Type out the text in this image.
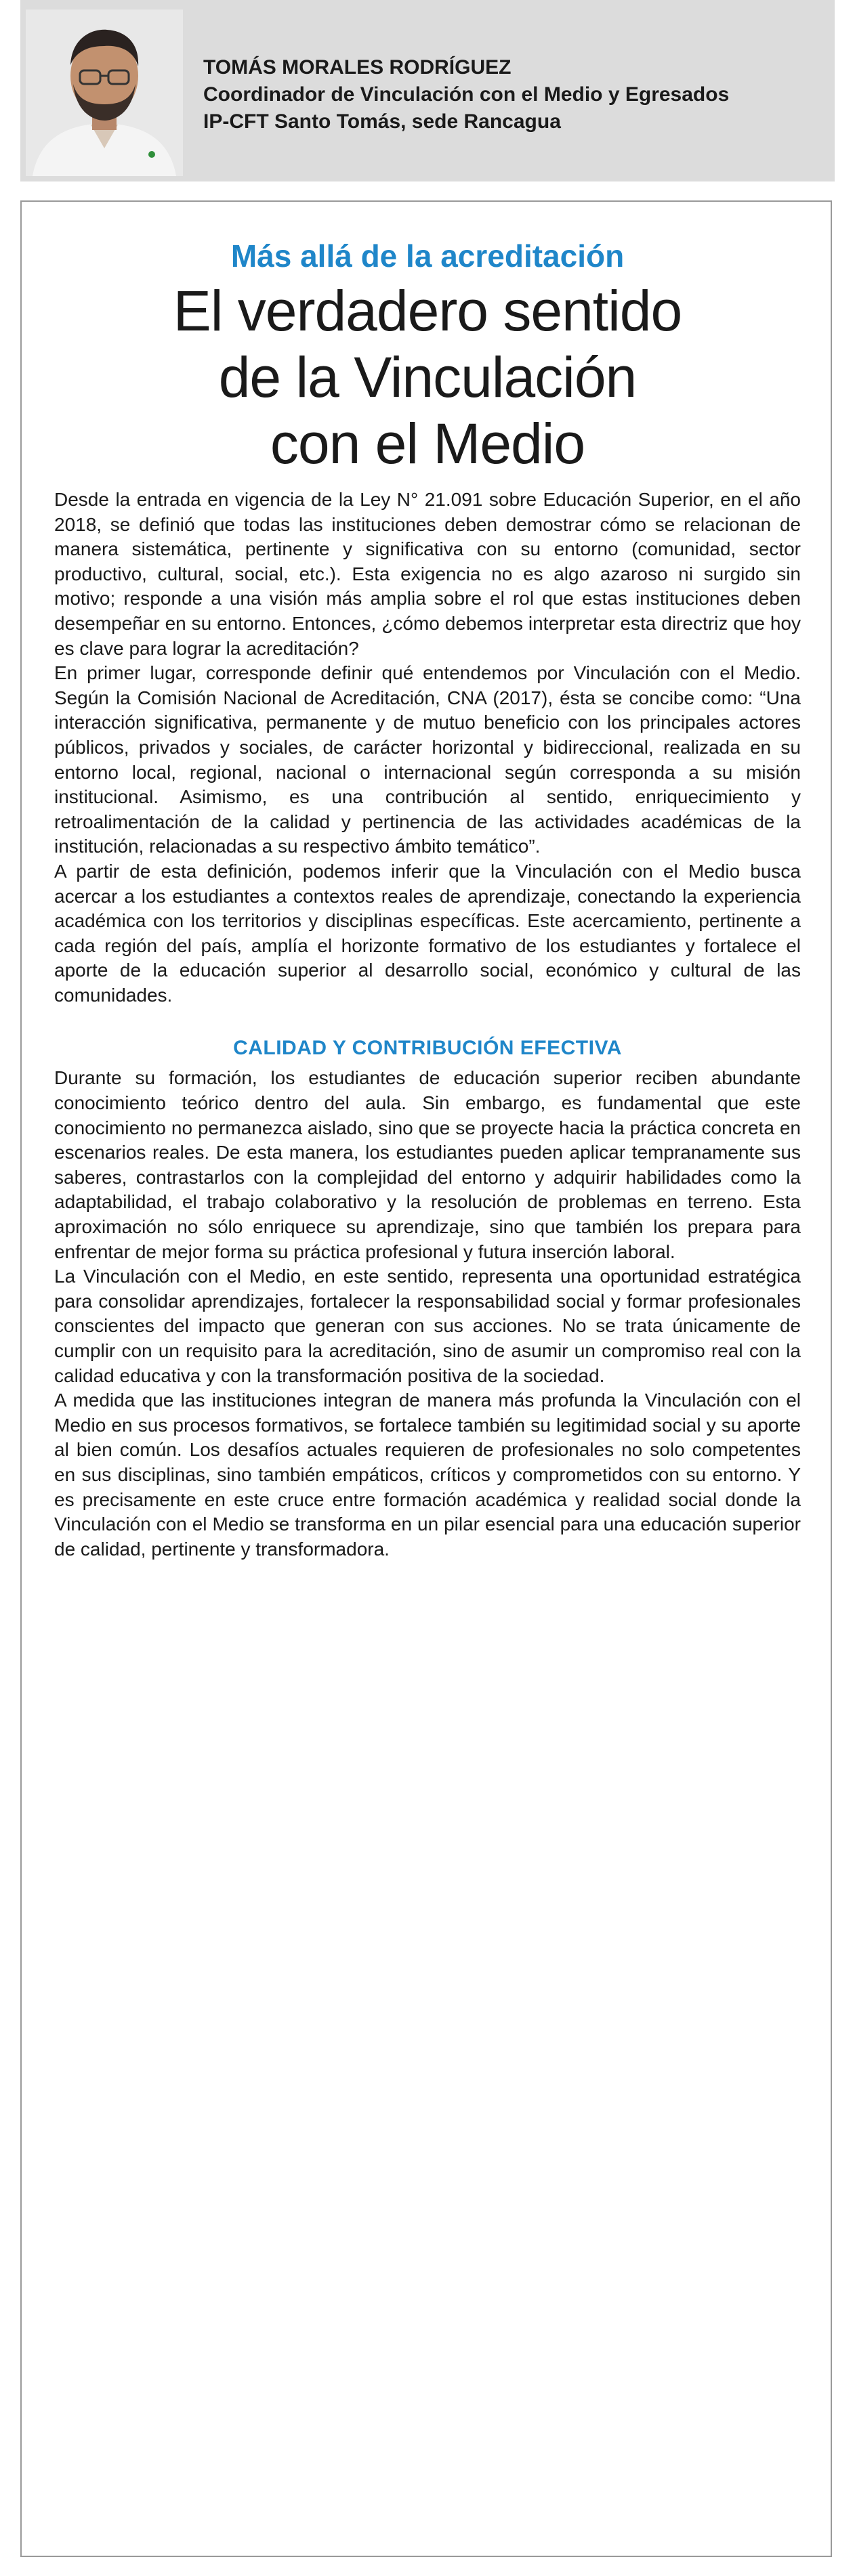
TOMÁS MORALES RODRÍGUEZ
Coordinador de Vinculación con el Medio y Egresados
IP-CFT Santo Tomás, sede Rancagua
Más allá de la acreditación
El verdadero sentido
de la Vinculación
con el Medio

Desde la entrada en vigencia de la Ley N° 21.091 sobre Educación Superior, en el año 2018, se definió que todas las instituciones deben demostrar cómo se relacionan de manera sistemática, pertinente y significativa con su entorno (comunidad, sector productivo, cultural, social, etc.). Esta exigencia no es algo azaroso ni surgido sin motivo; responde a una visión más amplia sobre el rol que estas instituciones deben desempeñar en su entorno. Entonces, ¿cómo debemos interpretar esta directriz que hoy es clave para lograr la acreditación?

En primer lugar, corresponde definir qué entendemos por Vinculación con el Medio. Según la Comisión Nacional de Acreditación, CNA (2017), ésta se concibe como: “Una interacción significativa, permanente y de mutuo beneficio con los principales actores públicos, privados y sociales, de carácter horizontal y bidireccional, realizada en su entorno local, regional, nacional o internacional según corresponda a su misión institucional. Asimismo, es una contribución al sentido, enriquecimiento y retroalimentación de la calidad y pertinencia de las actividades académicas de la institución, relacionadas a su respectivo ámbito temático”.

A partir de esta definición, podemos inferir que la Vinculación con el Medio busca acercar a los estudiantes a contextos reales de aprendizaje, conectando la experiencia académica con los territorios y disciplinas específicas. Este acercamiento, pertinente a cada región del país, amplía el horizonte formativo de los estudiantes y fortalece el aporte de la educación superior al desarrollo social, económico y cultural de las comunidades.

CALIDAD Y CONTRIBUCIÓN EFECTIVA

Durante su formación, los estudiantes de educación superior reciben abundante conocimiento teórico dentro del aula. Sin embargo, es fundamental que este conocimiento no permanezca aislado, sino que se proyecte hacia la práctica concreta en escenarios reales. De esta manera, los estudiantes pueden aplicar tempranamente sus saberes, contrastarlos con la complejidad del entorno y adquirir habilidades como la adaptabilidad, el trabajo colaborativo y la resolución de problemas en terreno. Esta aproximación no sólo enriquece su aprendizaje, sino que también los prepara para enfrentar de mejor forma su práctica profesional y futura inserción laboral.

La Vinculación con el Medio, en este sentido, representa una oportunidad estratégica para consolidar aprendizajes, fortalecer la responsabilidad social y formar profesionales conscientes del impacto que generan con sus acciones. No se trata únicamente de cumplir con un requisito para la acreditación, sino de asumir un compromiso real con la calidad educativa y con la transformación positiva de la sociedad.

A medida que las instituciones integran de manera más profunda la Vinculación con el Medio en sus procesos formativos, se fortalece también su legitimidad social y su aporte al bien común. Los desafíos actuales requieren de profesionales no solo competentes en sus disciplinas, sino también empáticos, críticos y comprometidos con su entorno. Y es precisamente en este cruce entre formación académica y realidad social donde la Vinculación con el Medio se transforma en un pilar esencial para una educación superior de calidad, pertinente y transformadora.
